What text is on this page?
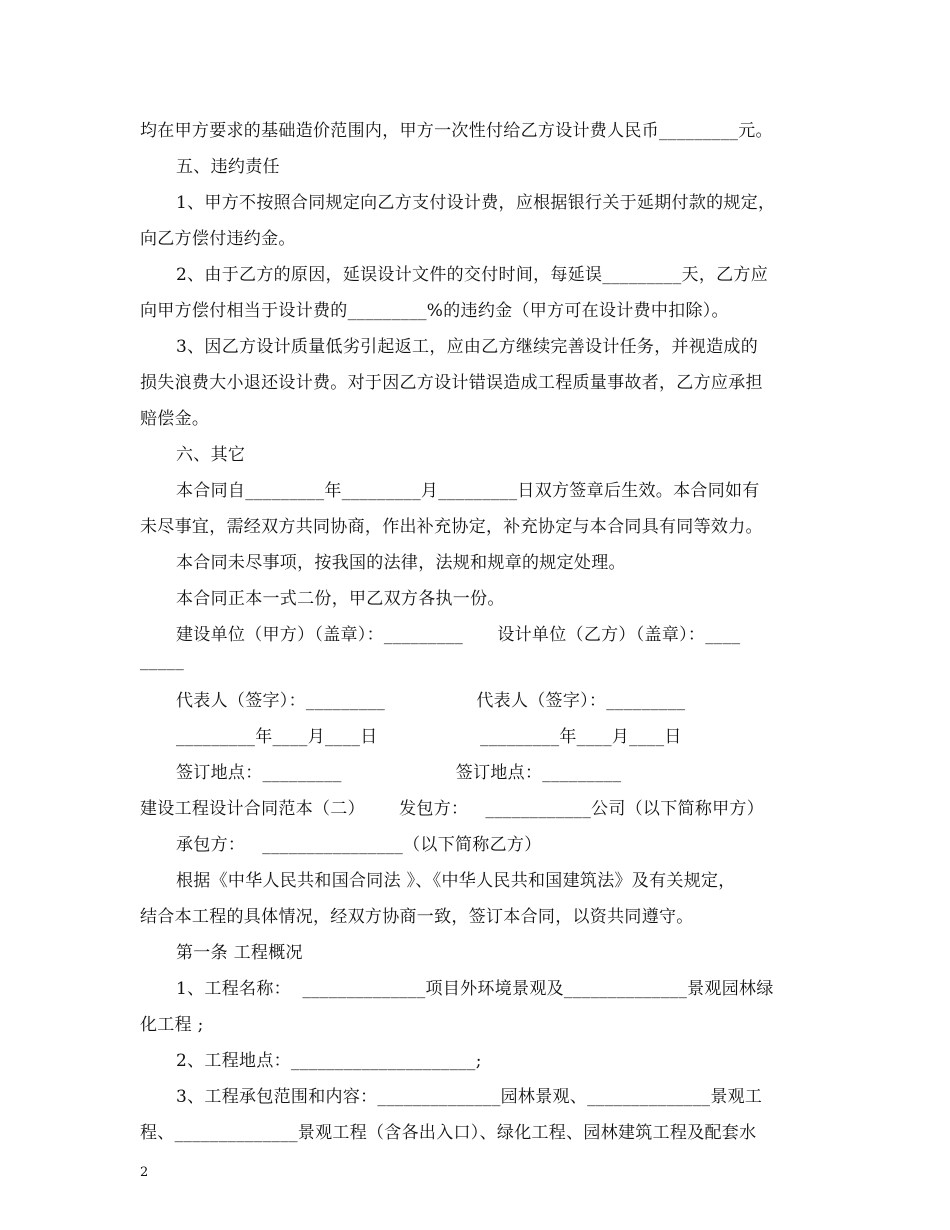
均在甲方要求的基础造价范围内，甲方一次性付给乙方设计费人民币_________元。
五、违约责任
1、甲方不按照合同规定向乙方支付设计费，应根据银行关于延期付款的规定，
向乙方偿付违约金。
2、由于乙方的原因，延误设计文件的交付时间，每延误_________天，乙方应
向甲方偿付相当于设计费的_________%的违约金（甲方可在设计费中扣除）。
3、因乙方设计质量低劣引起返工，应由乙方继续完善设计任务，并视造成的
损失浪费大小退还设计费。对于因乙方设计错误造成工程质量事故者，乙方应承担
赔偿金。
六、其它
本合同自_________年_________月_________日双方签章后生效。本合同如有
未尽事宜，需经双方共同协商，作出补充协定，补充协定与本合同具有同等效力。
本合同未尽事项，按我国的法律，法规和规章的规定处理。
本合同正本一式二份，甲乙双方各执一份。
建设单位（甲方）（盖章）：_________      设计单位（乙方）（盖章）：____
_____
代表人（签字）：_________                代表人（签字）：_________
_________年____月____日                  _________年____月____日
签订地点：_________                    签订地点：_________
建设工程设计合同范本（二）      发包方：   ____________公司（以下简称甲方）
承包方：   ________________（以下简称乙方）
根据《中华人民共和国合同法 》、《中华人民共和国建筑法》及有关规定，
结合本工程的具体情况，经双方协商一致，签订本合同，以资共同遵守。
第一条 工程概况
1、工程名称：  ______________项目外环境景观及______________景观园林绿
化工程 ;
2、工程地点：_____________________;
3、工程承包范围和内容：______________园林景观、______________景观工
程、______________景观工程（含各出入口）、绿化工程、园林建筑工程及配套水
2
